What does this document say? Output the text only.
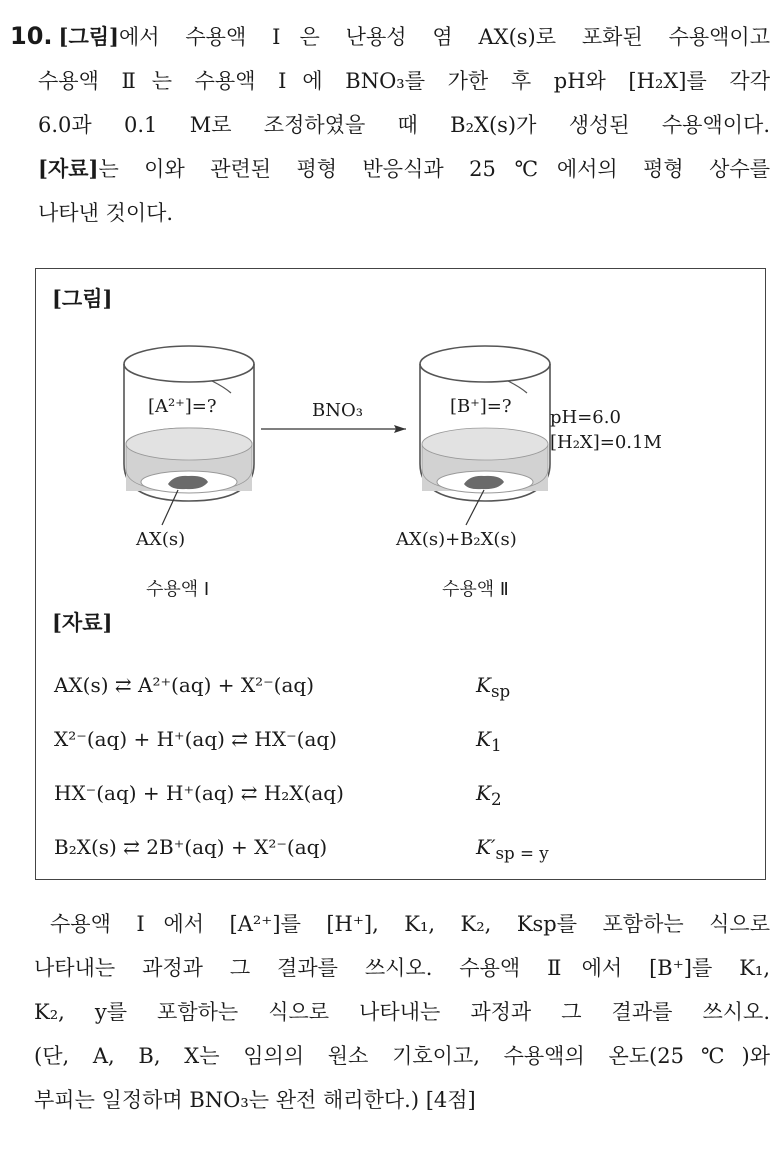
10. [그림]에서 수용액 Ⅰ은 난용성 염 AX(s)로 포화된 수용액이고
수용액 Ⅱ는 수용액 Ⅰ에 BNO₃를 가한 후 pH와 [H₂X]를 각각
6.0과 0.1 M로 조정하였을 때 B₂X(s)가 생성된 수용액이다.
[자료]는 이와 관련된 평형 반응식과 25℃에서의 평형 상수를
나타낸 것이다.
[그림]
[A²⁺]=?	BNO₃	[B⁺]=?
pH=6.0
[H₂X]=0.1M
AX(s)	AX(s)+B₂X(s)
수용액 Ⅰ	수용액 Ⅱ
[자료]
AX(s) ⇄ A²⁺(aq) + X²⁻(aq)	$K_{sp}$
X²⁻(aq) + H⁺(aq) ⇄ HX⁻(aq)	$K_1$
HX⁻(aq) + H⁺(aq) ⇄ H₂X(aq)	$K_2$
B₂X(s) ⇄ 2B⁺(aq) + X²⁻(aq)	$K'_{sp = y}$
수용액 Ⅰ에서 [A²⁺]를 [H⁺], K₁, K₂, Ksp를 포함하는 식으로
나타내는 과정과 그 결과를 쓰시오. 수용액 Ⅱ에서 [B⁺]를 K₁,
K₂, y를 포함하는 식으로 나타내는 과정과 그 결과를 쓰시오.
(단, A, B, X는 임의의 원소 기호이고, 수용액의 온도(25℃)와
부피는 일정하며 BNO₃는 완전 해리한다.) [4점]
